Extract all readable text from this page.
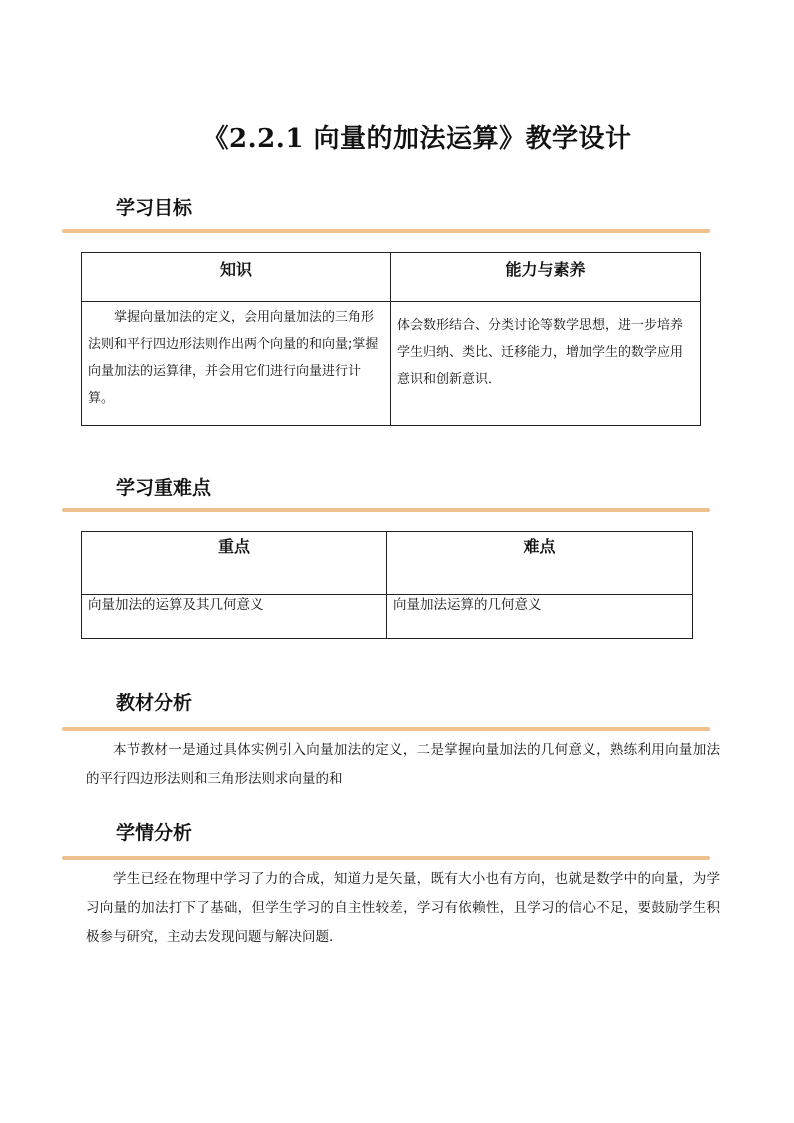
《2.2.1 向量的加法运算》教学设计
学习目标
知识	能力与素养

掌握向量加法的定义，会用向量加法的三角形法则和平行四边形法则作出两个向量的和向量;掌握向量加法的运算律，并会用它们进行向量进行计算。	体会数形结合、分类讨论等数学思想，进一步培养学生归纳、类比、迁移能力，增加学生的数学应用意识和创新意识．
学习重难点
重点	难点

向量加法的运算及其几何意义	向量加法运算的几何意义
教材分析
本节教材一是通过具体实例引入向量加法的定义，二是掌握向量加法的几何意义，熟练利用向量加法的平行四边形法则和三角形法则求向量的和
学情分析
学生已经在物理中学习了力的合成，知道力是矢量，既有大小也有方向，也就是数学中的向量，为学习向量的加法打下了基础，但学生学习的自主性较差，学习有依赖性，且学习的信心不足，要鼓励学生积极参与研究，主动去发现问题与解决问题．
